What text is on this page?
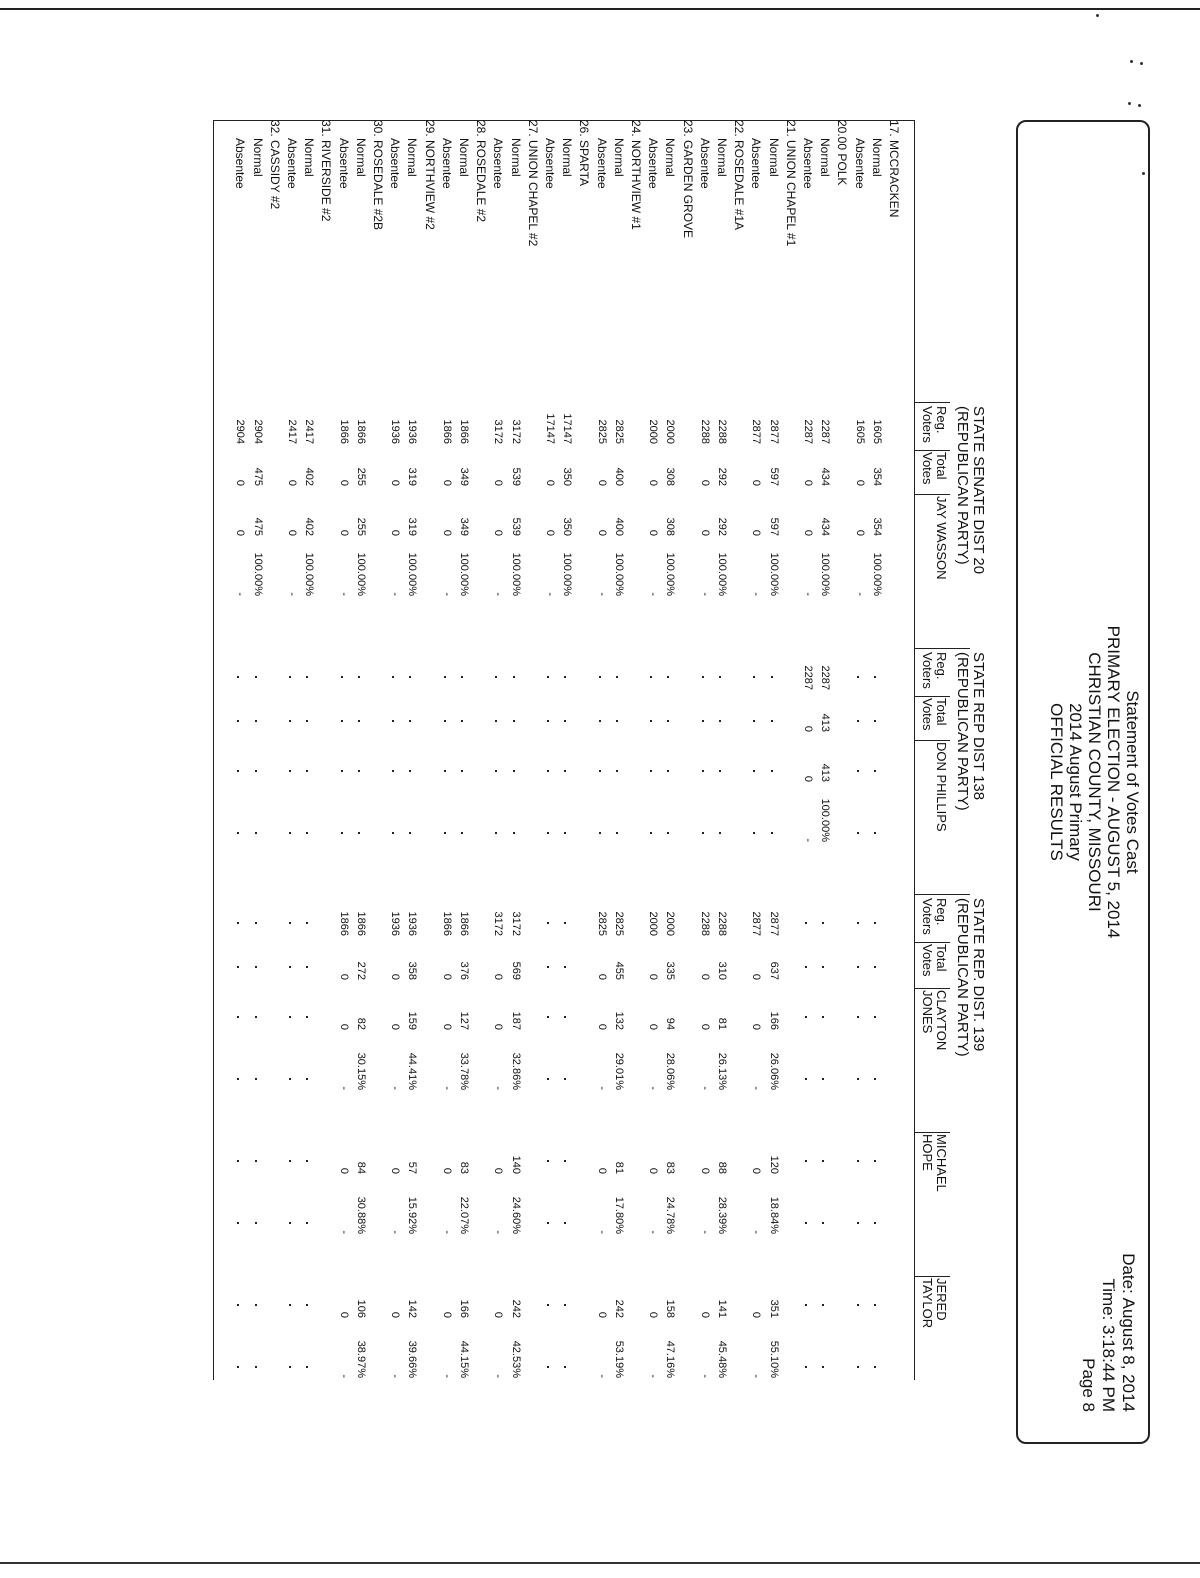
Statement of Votes Cast
PRIMARY ELECTION - AUGUST 5, 2014
CHRISTIAN COUNTY, MISSOURI
2014 August Primary
OFFICIAL RESULTS
Date: August 8, 2014
Time: 3:18:44 PM
Page 8
STATE SENATE DIST 20
(REPUBLICAN PARTY)
STATE REP DIST 138
(REPUBLICAN PARTY)
STATE REP. DIST. 139
(REPUBLICAN PARTY)
Reg. Voters
Total Votes
JAY WASSON
Reg. Voters
Total Votes
DON PHILLIPS
Reg. Voters
Total Votes
CLAYTON JONES
MICHAEL HOPE
JERED TAYLOR
17. MCCRACKEN
Normal
1605
354
354
100.00%
Absentee
1605
0
0
-
20.00 POLK
Normal
2287
434
434
100.00%
2287
413
413
100.00%
Absentee
2287
0
0
-
2287
0
0
-
21. UNION CHAPEL #1
Normal
2877
597
597
100.00%
2877
637
166
26.06%
120
18.84%
351
55.10%
Absentee
2877
0
0
-
2877
0
0
-
0
-
0
-
22. ROSEDALE #1A
Normal
2288
292
292
100.00%
2288
310
81
26.13%
88
28.39%
141
45.48%
Absentee
2288
0
0
-
2288
0
0
-
0
-
0
-
23. GARDEN GROVE
Normal
2000
308
308
100.00%
2000
335
94
28.06%
83
24.78%
158
47.16%
Absentee
2000
0
0
-
2000
0
0
-
0
-
0
-
24. NORTHVIEW #1
Normal
2825
400
400
100.00%
2825
455
132
29.01%
81
17.80%
242
53.19%
Absentee
2825
0
0
-
2825
0
0
-
0
-
0
-
26. SPARTA
Normal
17147
350
350
100.00%
Absentee
17147
0
0
-
27. UNION CHAPEL #2
Normal
3172
539
539
100.00%
3172
569
187
32.86%
140
24.60%
242
42.53%
Absentee
3172
0
0
-
3172
0
0
-
0
-
0
-
28. ROSEDALE #2
Normal
1866
349
349
100.00%
1866
376
127
33.78%
83
22.07%
166
44.15%
Absentee
1866
0
0
-
1866
0
0
-
0
-
0
-
29. NORTHVIEW #2
Normal
1936
319
319
100.00%
1936
358
159
44.41%
57
15.92%
142
39.66%
Absentee
1936
0
0
-
1936
0
0
-
0
-
0
-
30. ROSEDALE #2B
Normal
1866
255
255
100.00%
1866
272
82
30.15%
84
30.88%
106
38.97%
Absentee
1866
0
0
-
1866
0
0
-
0
-
0
-
31. RIVERSIDE #2
Normal
2417
402
402
100.00%
Absentee
2417
0
0
-
32. CASSIDY #2
Normal
2904
475
475
100.00%
Absentee
2904
0
0
-
